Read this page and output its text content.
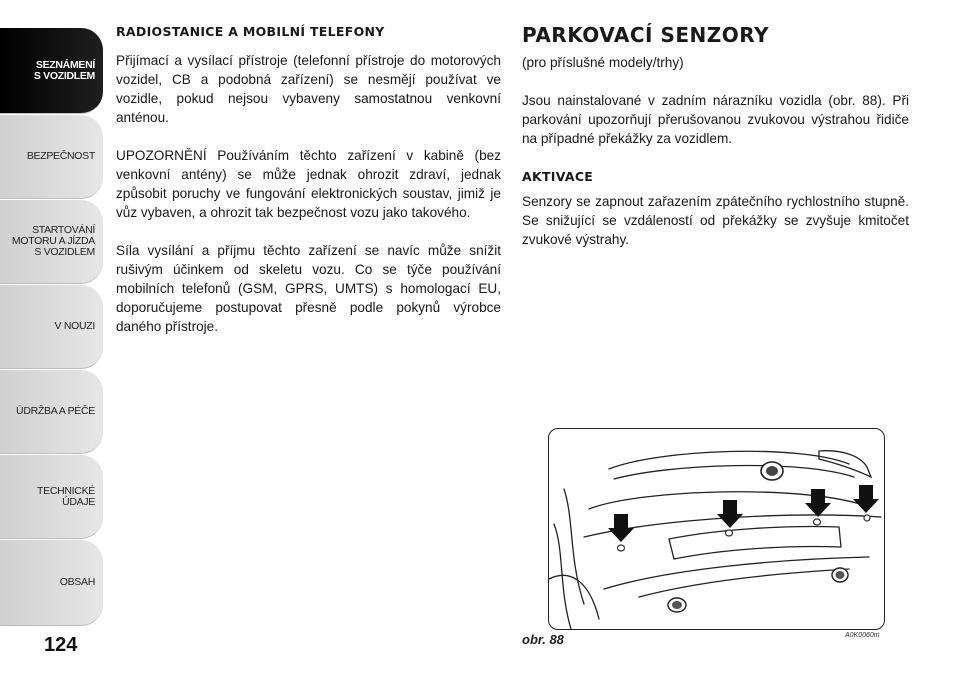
SEZNÁMENÍ
S VOZIDLEM
BEZPEČNOST
STARTOVÁNÍ
MOTORU A JÍZDA
S VOZIDLEM
V NOUZI
ÚDRŽBA A PÉČE
TECHNICKÉ
ÚDAJE
OBSAH
124
RADIOSTANICE A MOBILNÍ TELEFONY

Přijímací a vysílací přístroje (telefonní přístroje do motorových vozidel, CB a podobná zařízení) se nesmějí používat ve vozidle, pokud nejsou vybaveny samostatnou venkovní anténou.

UPOZORNĚNÍ Používáním těchto zařízení v kabině (bez venkovní antény) se může jednak ohrozit zdraví, jednak způsobit poruchy ve fungování elektronických soustav, jimiž je vůz vybaven, a ohrozit tak bezpečnost vozu jako takového.

Síla vysílání a příjmu těchto zařízení se navíc může snížit rušivým účinkem od skeletu vozu. Co se týče používání mobilních telefonů (GSM, GPRS, UMTS) s homologací EU, doporučujeme postupovat přesně podle pokynů výrobce daného přístroje.

PARKOVACÍ SENZORY
(pro příslušné modely/trhy)

Jsou nainstalované v zadním nárazníku vozidla (obr. 88). Při parkování upozorňují přerušovanou zvukovou výstrahou řidiče na případné překážky za vozidlem.

AKTIVACE

Senzory se zapnout zařazením zpátečního rychlostního stupně. Se snižující se vzdáleností od překážky se zvyšuje kmitočet zvukové výstrahy.

obr. 88	A0K0060m
